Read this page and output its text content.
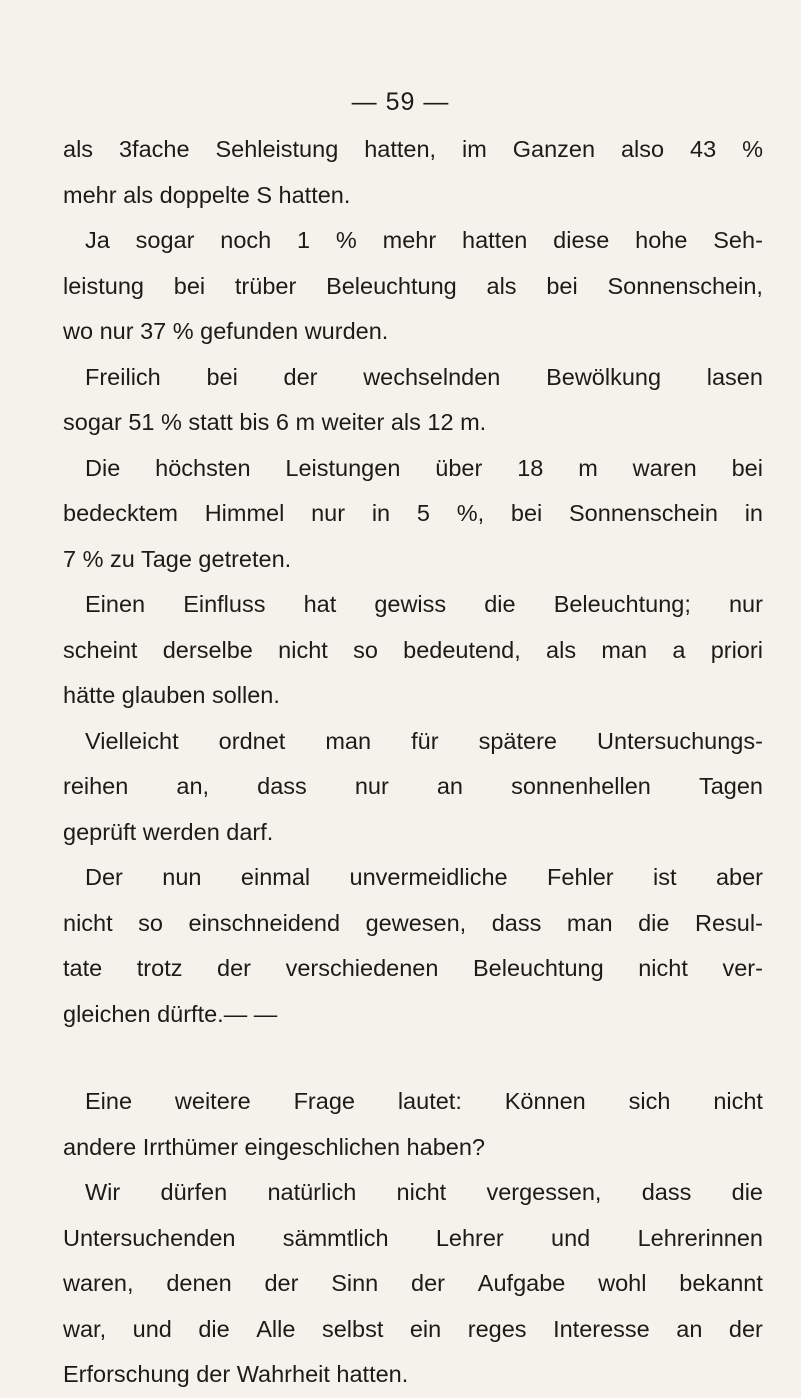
— 59 —
als 3fache Sehleistung hatten, im Ganzen also 43 %
mehr als doppelte S hatten.
Ja sogar noch 1 % mehr hatten diese hohe Seh-
leistung bei trüber Beleuchtung als bei Sonnenschein,
wo nur 37 % gefunden wurden.
Freilich bei der wechselnden Bewölkung lasen
sogar 51 % statt bis 6 m weiter als 12 m.
Die höchsten Leistungen über 18 m waren bei
bedecktem Himmel nur in 5 %, bei Sonnenschein in
7 % zu Tage getreten.
Einen Einfluss hat gewiss die Beleuchtung; nur
scheint derselbe nicht so bedeutend, als man a priori
hätte glauben sollen.
Vielleicht ordnet man für spätere Untersuchungs-
reihen an, dass nur an sonnenhellen Tagen
geprüft werden darf.
Der nun einmal unvermeidliche Fehler ist aber
nicht so einschneidend gewesen, dass man die Resul-
tate trotz der verschiedenen Beleuchtung nicht ver-
gleichen dürfte.— —
Eine weitere Frage lautet: Können sich nicht
andere Irrthümer eingeschlichen haben?
Wir dürfen natürlich nicht vergessen, dass die
Untersuchenden sämmtlich Lehrer und Lehrerinnen
waren, denen der Sinn der Aufgabe wohl bekannt
war, und die Alle selbst ein reges Interesse an der
Erforschung der Wahrheit hatten.
